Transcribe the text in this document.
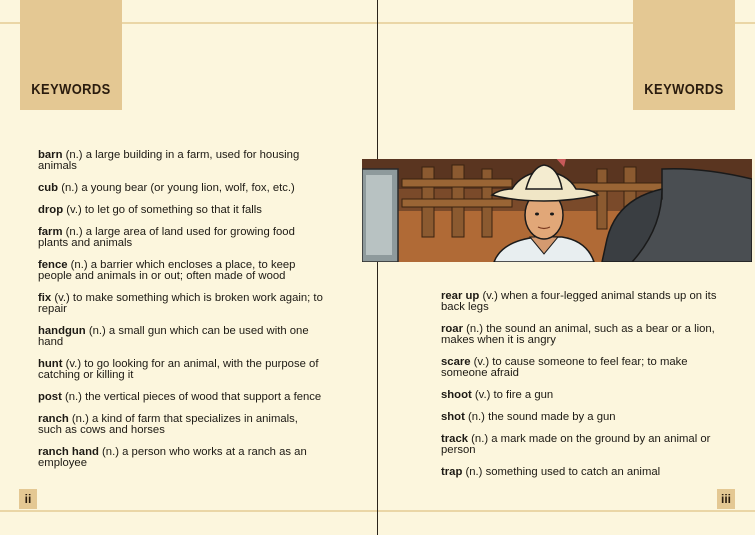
KEYWORDS	KEYWORDS
barn (n.) a large building in a farm, used for housing animals
cub (n.) a young bear (or young lion, wolf, fox, etc.)
drop (v.) to let go of something so that it falls
farm (n.) a large area of land used for growing food plants and animals
fence (n.) a barrier which encloses a place, to keep people and animals in or out; often made of wood
fix (v.) to make something which is broken work again; to repair
handgun (n.) a small gun which can be used with one hand
hunt (v.) to go looking for an animal, with the purpose of catching or killing it
post (n.) the vertical pieces of wood that support a fence
ranch (n.) a kind of farm that specializes in animals, such as cows and horses
ranch hand (n.) a person who works at a ranch as an employee
rear up (v.) when a four-legged animal stands up on its back legs
roar (n.) the sound an animal, such as a bear or a lion, makes when it is angry
scare (v.) to cause someone to feel fear; to make someone afraid
shoot (v.) to fire a gun
shot (n.) the sound made by a gun
track (n.) a mark made on the ground by an animal or person
trap (n.) something used to catch an animal
ii	iii
